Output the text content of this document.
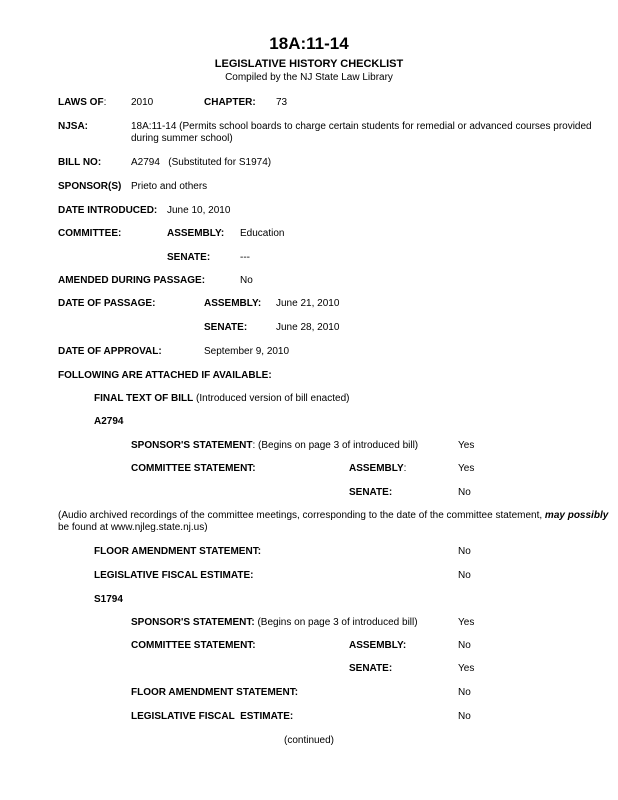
18A:11-14
LEGISLATIVE HISTORY CHECKLIST
Compiled by the NJ State Law Library
LAWS OF: 2010	CHAPTER: 73
NJSA:	18A:11-14 (Permits school boards to charge certain students for remedial or advanced courses provided
during summer school)
BILL NO:	A2794   (Substituted for S1974)
SPONSOR(S) Prieto and others
DATE INTRODUCED: June 10, 2010
COMMITTEE:	ASSEMBLY: Education
SENATE:	---
AMENDED DURING PASSAGE:	No
DATE OF PASSAGE:	ASSEMBLY: June 21, 2010
SENATE:	June 28, 2010
DATE OF APPROVAL:	September 9, 2010
FOLLOWING ARE ATTACHED IF AVAILABLE:
FINAL TEXT OF BILL (Introduced version of bill enacted)
A2794
SPONSOR'S STATEMENT: (Begins on page 3 of introduced bill)	Yes
COMMITTEE STATEMENT:	ASSEMBLY:	Yes
SENATE:	No
(Audio archived recordings of the committee meetings, corresponding to the date of the committee statement, may possibly
be found at www.njleg.state.nj.us)
FLOOR AMENDMENT STATEMENT:	No
LEGISLATIVE FISCAL ESTIMATE:	No
S1794
SPONSOR'S STATEMENT: (Begins on page 3 of introduced bill)	Yes
COMMITTEE STATEMENT:	ASSEMBLY:	No
SENATE:	Yes
FLOOR AMENDMENT STATEMENT:	No
LEGISLATIVE FISCAL  ESTIMATE:	No
(continued)
